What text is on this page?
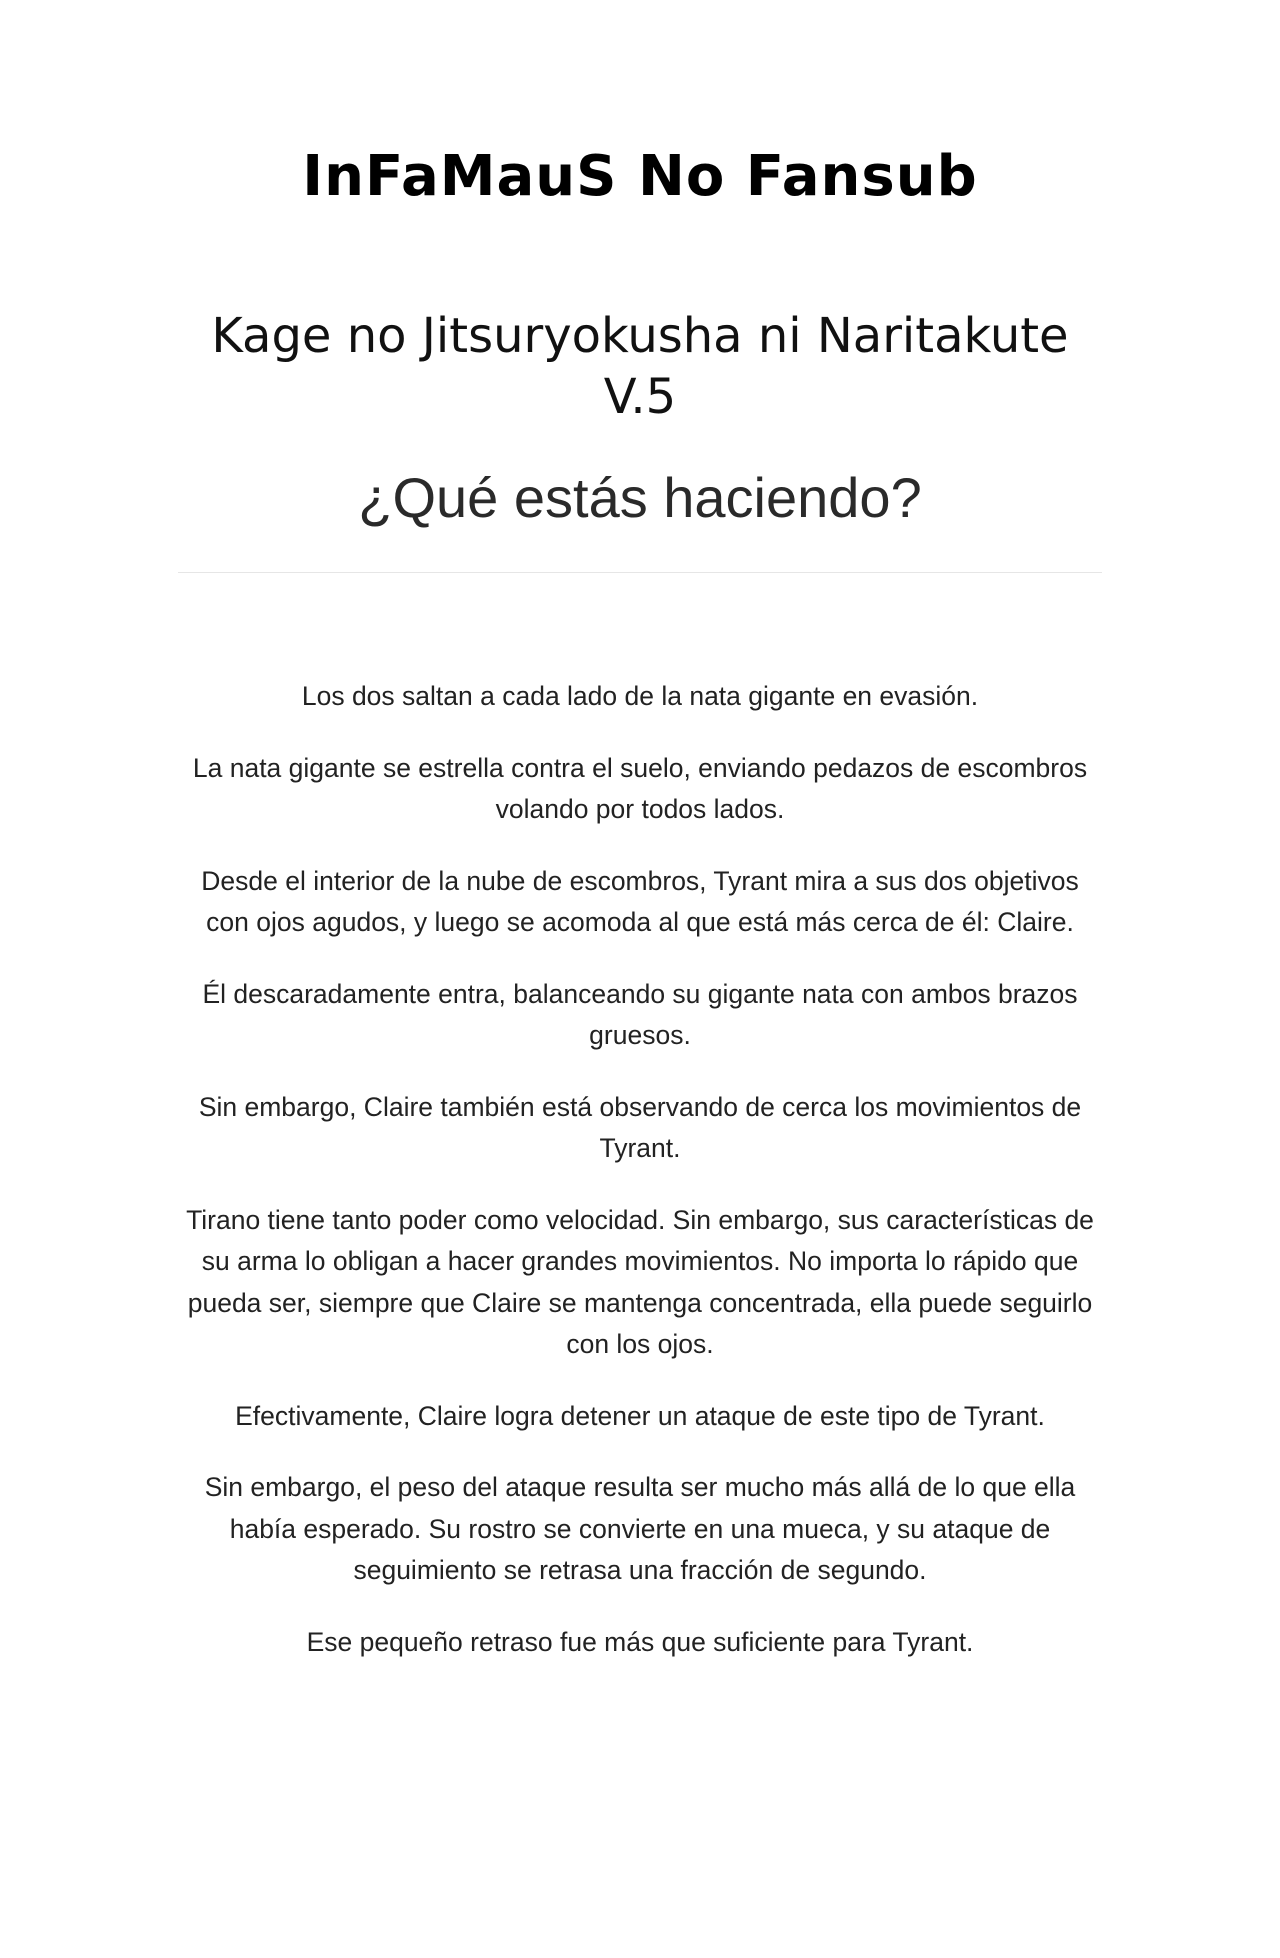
InFaMauS No Fansub
Kage no Jitsuryokusha ni Naritakute V.5
¿Qué estás haciendo?

Los dos saltan a cada lado de la nata gigante en evasión.

La nata gigante se estrella contra el suelo, enviando pedazos de escombros volando por todos lados.

Desde el interior de la nube de escombros, Tyrant mira a sus dos objetivos con ojos agudos, y luego se acomoda al que está más cerca de él: Claire.

Él descaradamente entra, balanceando su gigante nata con ambos brazos gruesos.

Sin embargo, Claire también está observando de cerca los movimientos de Tyrant.

Tirano tiene tanto poder como velocidad. Sin embargo, sus características de su arma lo obligan a hacer grandes movimientos. No importa lo rápido que pueda ser, siempre que Claire se mantenga concentrada, ella puede seguirlo con los ojos.

Efectivamente, Claire logra detener un ataque de este tipo de Tyrant.

Sin embargo, el peso del ataque resulta ser mucho más allá de lo que ella había esperado. Su rostro se convierte en una mueca, y su ataque de seguimiento se retrasa una fracción de segundo.

Ese pequeño retraso fue más que suficiente para Tyrant.
